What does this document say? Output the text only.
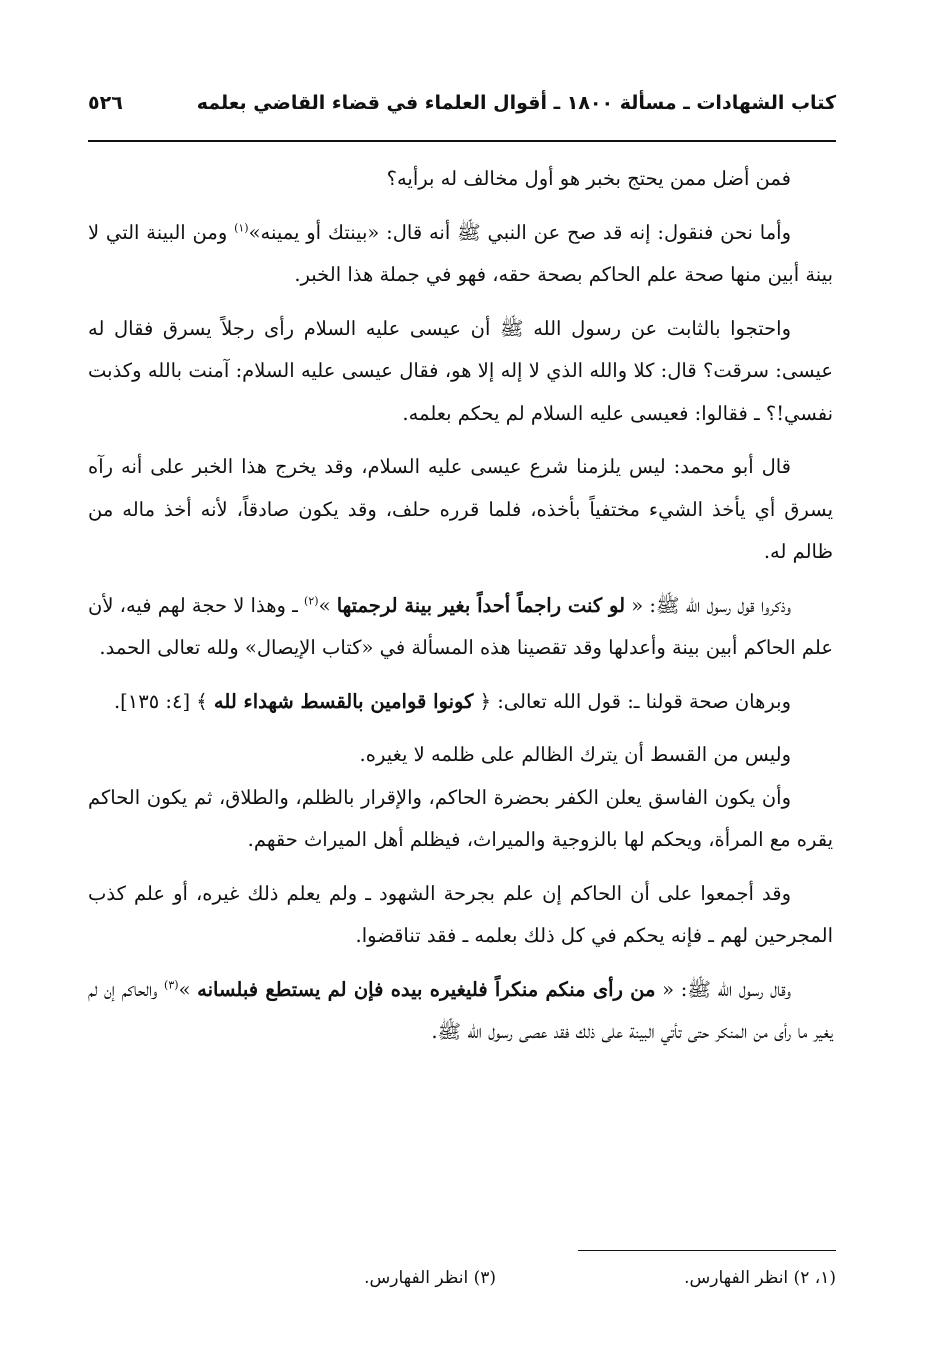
٥٢٦	كتاب الشهادات ـ مسألة ١٨٠٠ ـ أقوال العلماء في قضاء القاضي بعلمه

فمن أضل ممن يحتج بخبر هو أول مخالف له برأيه؟

وأما نحن فنقول: إنه قد صح عن النبي ﷺ أنه قال: «بينتك أو يمينه»$^{(١)}$ ومن البينة التي لا بينة أبين منها صحة علم الحاكم بصحة حقه، فهو في جملة هذا الخبر.

واحتجوا بالثابت عن رسول الله ﷺ أن عيسى عليه السلام رأى رجلاً يسرق فقال له عيسى: سرقت؟ قال: كلا والله الذي لا إله إلا هو، فقال عيسى عليه السلام: آمنت بالله وكذبت نفسي!؟ ـ فقالوا: فعيسى عليه السلام لم يحكم بعلمه.

قال أبو محمد: ليس يلزمنا شرع عيسى عليه السلام، وقد يخرج هذا الخبر على أنه رآه يسرق أي يأخذ الشيء مختفياً بأخذه، فلما قرره حلف، وقد يكون صادقاً، لأنه أخذ ماله من ظالم له.

وذكروا قول رسول الله ﷺ: « لو كنت راجماً أحداً بغير بينة لرجمتها »$^{(٢)}$ ـ وهذا لا حجة لهم فيه، لأن علم الحاكم أبين بينة وأعدلها وقد تقصينا هذه المسألة في «كتاب الإيصال» ولله تعالى الحمد.

وبرهان صحة قولنا ـ: قول الله تعالى: ﴿ كونوا قوامين بالقسط شهداء لله ﴾ [٤: ١٣٥].

وليس من القسط أن يترك الظالم على ظلمه لا يغيره.

وأن يكون الفاسق يعلن الكفر بحضرة الحاكم، والإقرار بالظلم، والطلاق، ثم يكون الحاكم يقره مع المرأة، ويحكم لها بالزوجية والميراث، فيظلم أهل الميراث حقهم.

وقد أجمعوا على أن الحاكم إن علم بجرحة الشهود ـ ولم يعلم ذلك غيره، أو علم كذب المجرحين لهم ـ فإنه يحكم في كل ذلك بعلمه ـ فقد تناقضوا.

وقال رسول الله ﷺ: « من رأى منكم منكراً فليغيره بيده فإن لم يستطع فبلسانه »$^{(٣)}$ والحاكم إن لم يغير ما رأى من المنكر حتى تأتي البينة على ذلك فقد عصى رسول الله ﷺ.

(١، ٢) انظر الفهارس.
(٣) انظر الفهارس.
